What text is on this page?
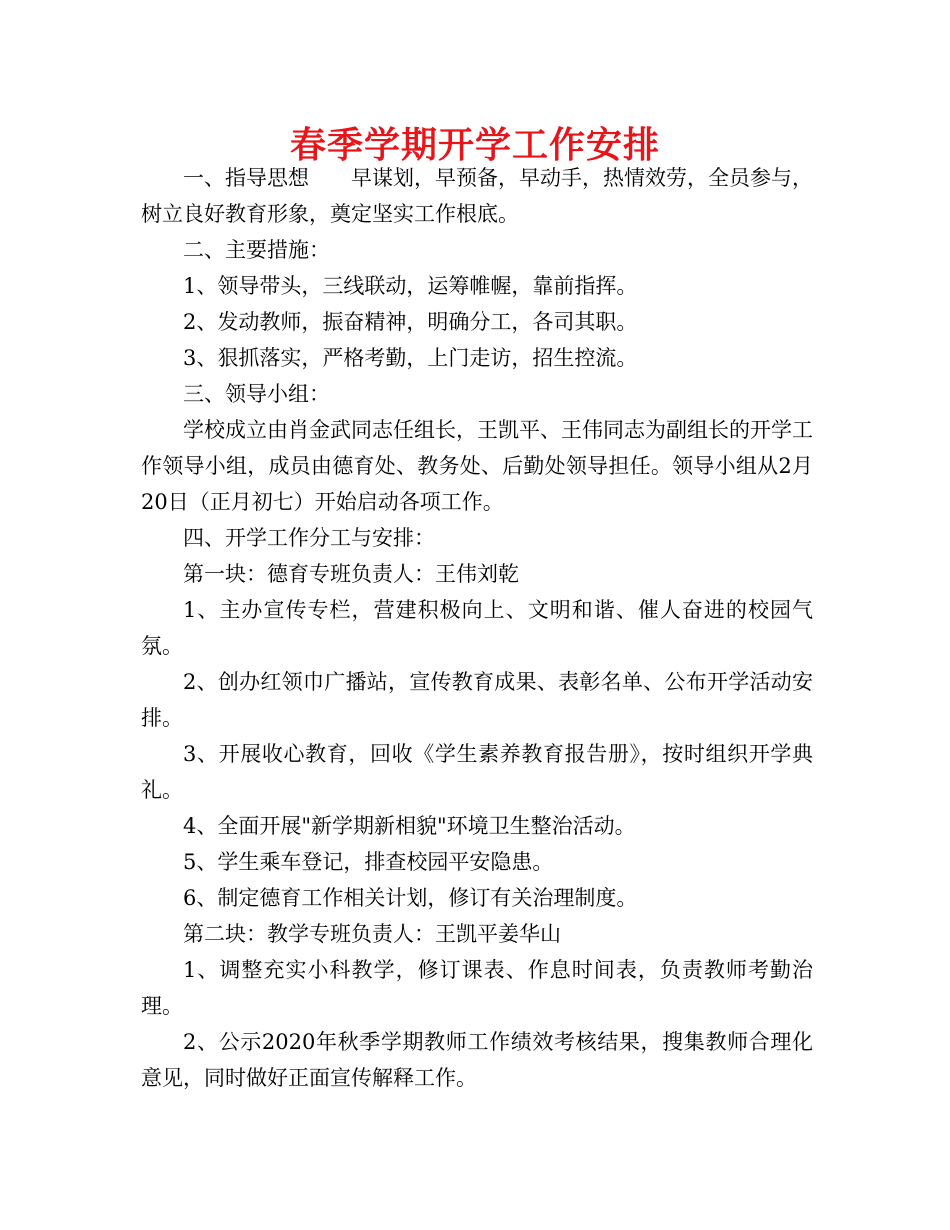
春季学期开学工作安排

一、指导思想　　早谋划，早预备，早动手，热情效劳，全员参与，树立良好教育形象，奠定坚实工作根底。

二、主要措施：

1、领导带头，三线联动，运筹帷幄，靠前指挥。

2、发动教师，振奋精神，明确分工，各司其职。

3、狠抓落实，严格考勤，上门走访，招生控流。

三、领导小组：

学校成立由肖金武同志任组长，王凯平、王伟同志为副组长的开学工作领导小组，成员由德育处、教务处、后勤处领导担任。领导小组从2月20日（正月初七）开始启动各项工作。

四、开学工作分工与安排：

第一块：德育专班负责人：王伟刘乾

1、主办宣传专栏，营建积极向上、文明和谐、催人奋进的校园气氛。

2、创办红领巾广播站，宣传教育成果、表彰名单、公布开学活动安排。

3、开展收心教育，回收《学生素养教育报告册》，按时组织开学典礼。

4、全面开展"新学期新相貌"环境卫生整治活动。

5、学生乘车登记，排查校园平安隐患。

6、制定德育工作相关计划，修订有关治理制度。

第二块：教学专班负责人：王凯平姜华山

1、调整充实小科教学，修订课表、作息时间表，负责教师考勤治理。

2、公示2020年秋季学期教师工作绩效考核结果，搜集教师合理化意见，同时做好正面宣传解释工作。
